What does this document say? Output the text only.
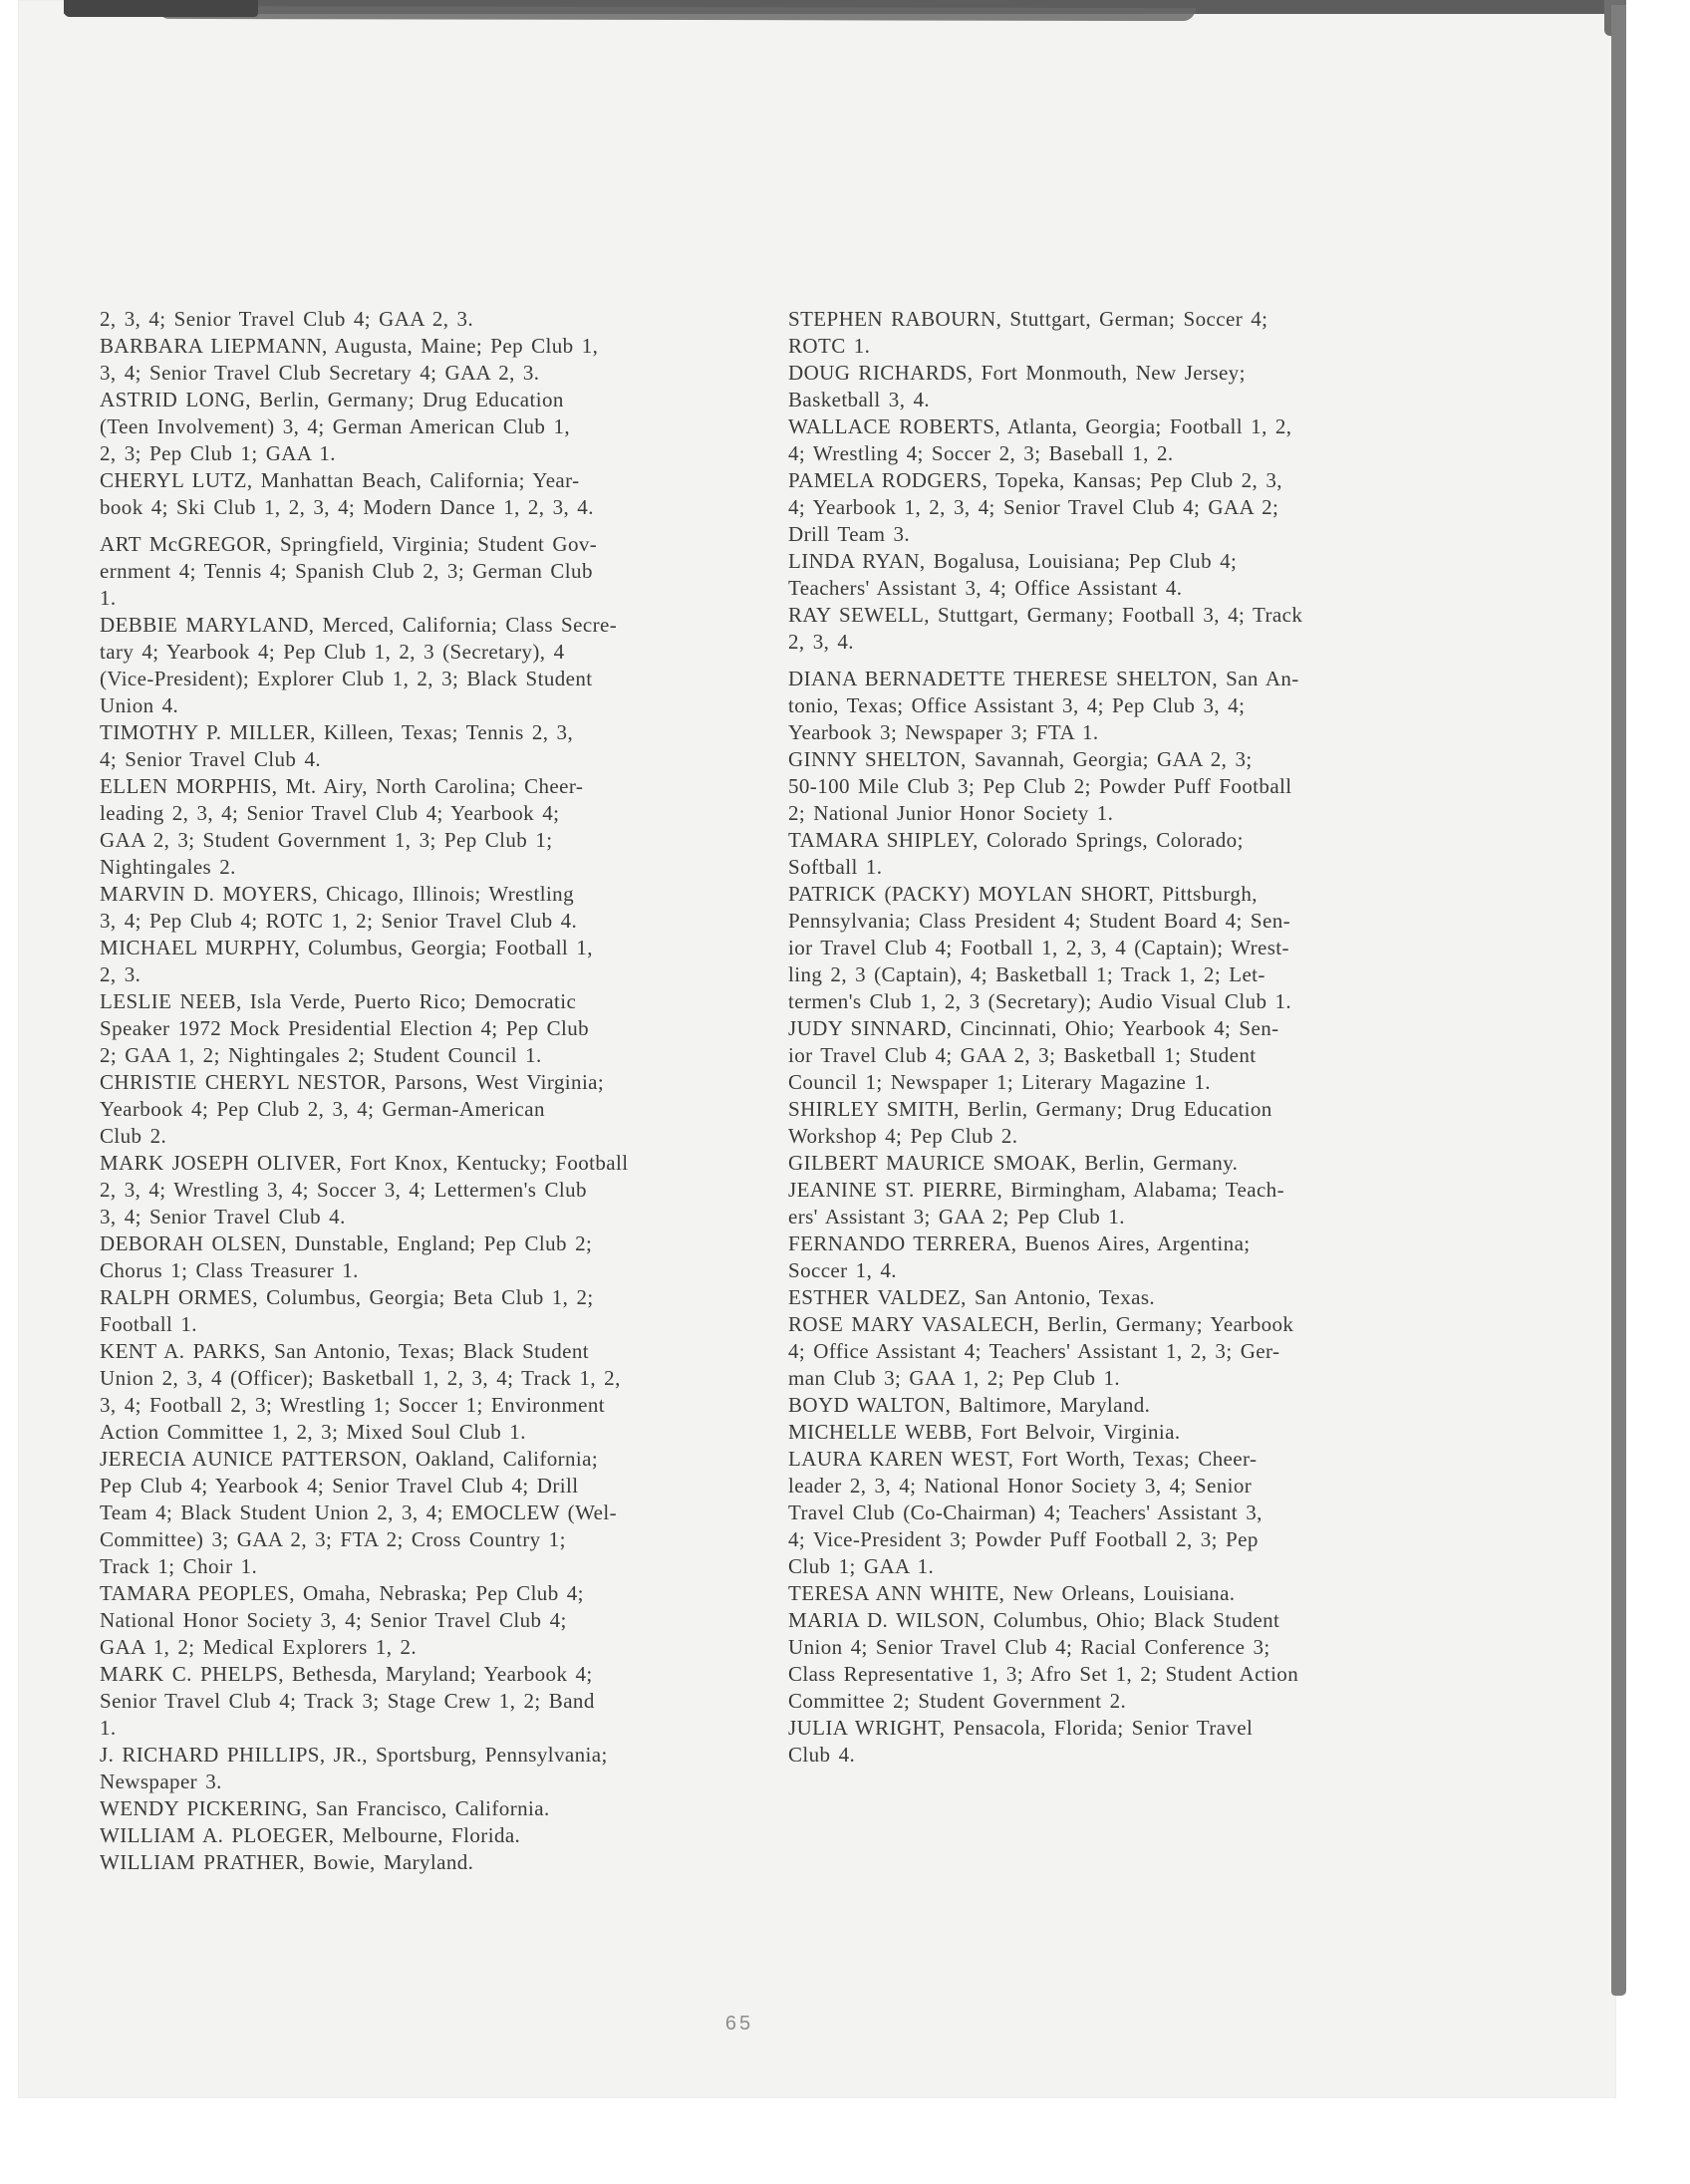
2, 3, 4; Senior Travel Club 4; GAA 2, 3.
BARBARA LIEPMANN, Augusta, Maine; Pep Club 1,
3, 4; Senior Travel Club Secretary 4; GAA 2, 3.
ASTRID LONG, Berlin, Germany; Drug Education
(Teen Involvement) 3, 4; German American Club 1,
2, 3; Pep Club 1; GAA 1.
CHERYL LUTZ, Manhattan Beach, California; Year-
book 4; Ski Club 1, 2, 3, 4; Modern Dance 1, 2, 3, 4.
ART McGREGOR, Springfield, Virginia; Student Gov-
ernment 4; Tennis 4; Spanish Club 2, 3; German Club
1.
DEBBIE MARYLAND, Merced, California; Class Secre-
tary 4; Yearbook 4; Pep Club 1, 2, 3 (Secretary), 4
(Vice-President); Explorer Club 1, 2, 3; Black Student
Union 4.
TIMOTHY P. MILLER, Killeen, Texas; Tennis 2, 3,
4; Senior Travel Club 4.
ELLEN MORPHIS, Mt. Airy, North Carolina; Cheer-
leading 2, 3, 4; Senior Travel Club 4; Yearbook 4;
GAA 2, 3; Student Government 1, 3; Pep Club 1;
Nightingales 2.
MARVIN D. MOYERS, Chicago, Illinois; Wrestling
3, 4; Pep Club 4; ROTC 1, 2; Senior Travel Club 4.
MICHAEL MURPHY, Columbus, Georgia; Football 1,
2, 3.
LESLIE NEEB, Isla Verde, Puerto Rico; Democratic
Speaker 1972 Mock Presidential Election 4; Pep Club
2; GAA 1, 2; Nightingales 2; Student Council 1.
CHRISTIE CHERYL NESTOR, Parsons, West Virginia;
Yearbook 4; Pep Club 2, 3, 4; German-American
Club 2.
MARK JOSEPH OLIVER, Fort Knox, Kentucky; Football
2, 3, 4; Wrestling 3, 4; Soccer 3, 4; Lettermen's Club
3, 4; Senior Travel Club 4.
DEBORAH OLSEN, Dunstable, England; Pep Club 2;
Chorus 1; Class Treasurer 1.
RALPH ORMES, Columbus, Georgia; Beta Club 1, 2;
Football 1.
KENT A. PARKS, San Antonio, Texas; Black Student
Union 2, 3, 4 (Officer); Basketball 1, 2, 3, 4; Track 1, 2,
3, 4; Football 2, 3; Wrestling 1; Soccer 1; Environment
Action Committee 1, 2, 3; Mixed Soul Club 1.
JERECIA AUNICE PATTERSON, Oakland, California;
Pep Club 4; Yearbook 4; Senior Travel Club 4; Drill
Team 4; Black Student Union 2, 3, 4; EMOCLEW (Wel-
Committee) 3; GAA 2, 3; FTA 2; Cross Country 1;
Track 1; Choir 1.
TAMARA PEOPLES, Omaha, Nebraska; Pep Club 4;
National Honor Society 3, 4; Senior Travel Club 4;
GAA 1, 2; Medical Explorers 1, 2.
MARK C. PHELPS, Bethesda, Maryland; Yearbook 4;
Senior Travel Club 4; Track 3; Stage Crew 1, 2; Band
1.
J. RICHARD PHILLIPS, JR., Sportsburg, Pennsylvania;
Newspaper 3.
WENDY PICKERING, San Francisco, California.
WILLIAM A. PLOEGER, Melbourne, Florida.
WILLIAM PRATHER, Bowie, Maryland.
STEPHEN RABOURN, Stuttgart, German; Soccer 4;
ROTC 1.
DOUG RICHARDS, Fort Monmouth, New Jersey;
Basketball 3, 4.
WALLACE ROBERTS, Atlanta, Georgia; Football 1, 2,
4; Wrestling 4; Soccer 2, 3; Baseball 1, 2.
PAMELA RODGERS, Topeka, Kansas; Pep Club 2, 3,
4; Yearbook 1, 2, 3, 4; Senior Travel Club 4; GAA 2;
Drill Team 3.
LINDA RYAN, Bogalusa, Louisiana; Pep Club 4;
Teachers' Assistant 3, 4; Office Assistant 4.
RAY SEWELL, Stuttgart, Germany; Football 3, 4; Track
2, 3, 4.
DIANA BERNADETTE THERESE SHELTON, San An-
tonio, Texas; Office Assistant 3, 4; Pep Club 3, 4;
Yearbook 3; Newspaper 3; FTA 1.
GINNY SHELTON, Savannah, Georgia; GAA 2, 3;
50-100 Mile Club 3; Pep Club 2; Powder Puff Football
2; National Junior Honor Society 1.
TAMARA SHIPLEY, Colorado Springs, Colorado;
Softball 1.
PATRICK (PACKY) MOYLAN SHORT, Pittsburgh,
Pennsylvania; Class President 4; Student Board 4; Sen-
ior Travel Club 4; Football 1, 2, 3, 4 (Captain); Wrest-
ling 2, 3 (Captain), 4; Basketball 1; Track 1, 2; Let-
termen's Club 1, 2, 3 (Secretary); Audio Visual Club 1.
JUDY SINNARD, Cincinnati, Ohio; Yearbook 4; Sen-
ior Travel Club 4; GAA 2, 3; Basketball 1; Student
Council 1; Newspaper 1; Literary Magazine 1.
SHIRLEY SMITH, Berlin, Germany; Drug Education
Workshop 4; Pep Club 2.
GILBERT MAURICE SMOAK, Berlin, Germany.
JEANINE ST. PIERRE, Birmingham, Alabama; Teach-
ers' Assistant 3; GAA 2; Pep Club 1.
FERNANDO TERRERA, Buenos Aires, Argentina;
Soccer 1, 4.
ESTHER VALDEZ, San Antonio, Texas.
ROSE MARY VASALECH, Berlin, Germany; Yearbook
4; Office Assistant 4; Teachers' Assistant 1, 2, 3; Ger-
man Club 3; GAA 1, 2; Pep Club 1.
BOYD WALTON, Baltimore, Maryland.
MICHELLE WEBB, Fort Belvoir, Virginia.
LAURA KAREN WEST, Fort Worth, Texas; Cheer-
leader 2, 3, 4; National Honor Society 3, 4; Senior
Travel Club (Co-Chairman) 4; Teachers' Assistant 3,
4; Vice-President 3; Powder Puff Football 2, 3; Pep
Club 1; GAA 1.
TERESA ANN WHITE, New Orleans, Louisiana.
MARIA D. WILSON, Columbus, Ohio; Black Student
Union 4; Senior Travel Club 4; Racial Conference 3;
Class Representative 1, 3; Afro Set 1, 2; Student Action
Committee 2; Student Government 2.
JULIA WRIGHT, Pensacola, Florida; Senior Travel
Club 4.
65
